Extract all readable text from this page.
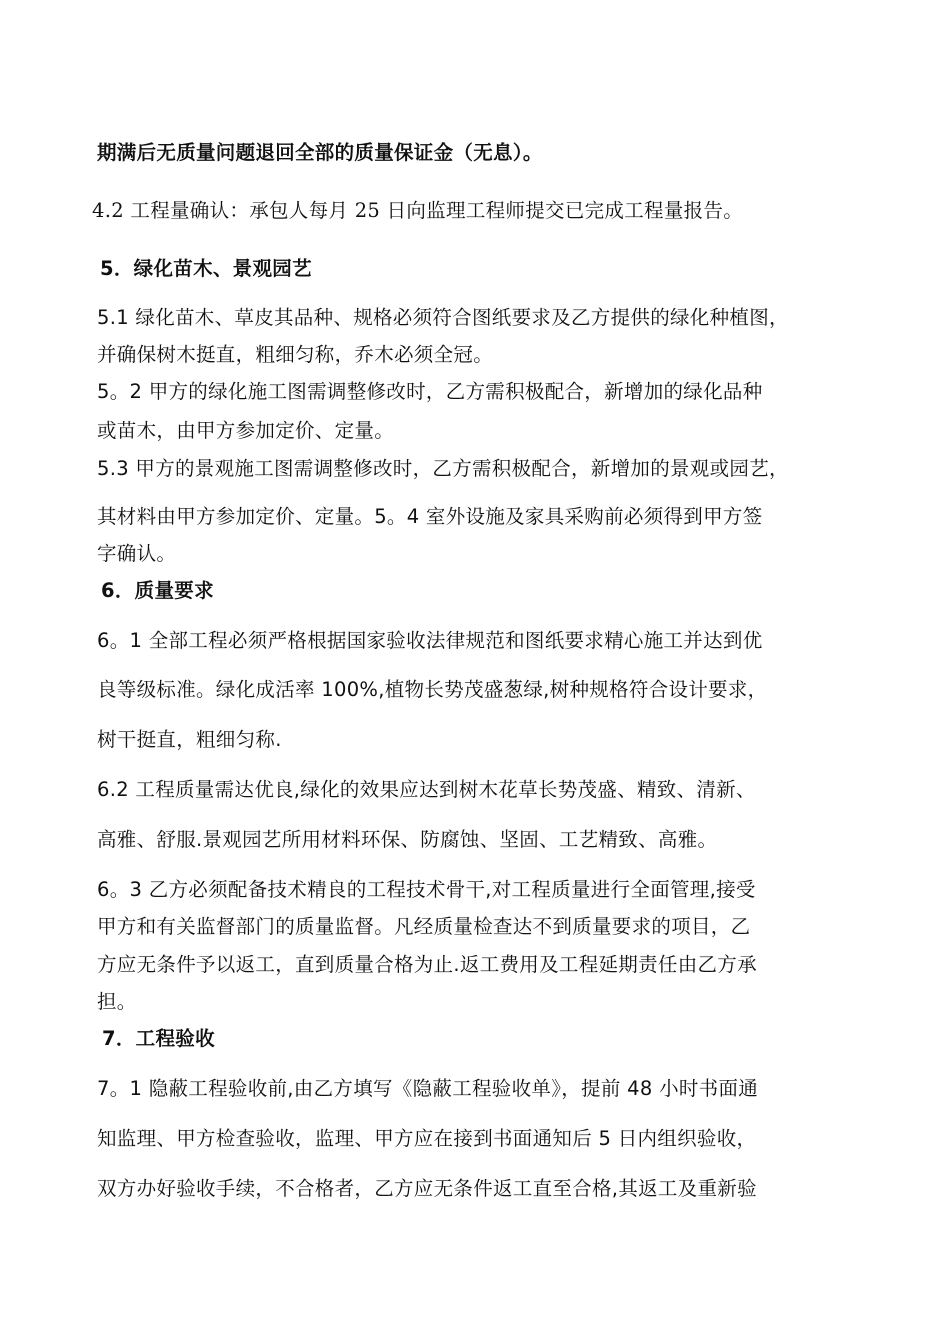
期满后无质量问题退回全部的质量保证金（无息）。
4.2 工程量确认：承包人每月 25 日向监理工程师提交已完成工程量报告。
5．绿化苗木、景观园艺
5.1 绿化苗木、草皮其品种、规格必须符合图纸要求及乙方提供的绿化种植图，
并确保树木挺直，粗细匀称，乔木必须全冠。
5。2 甲方的绿化施工图需调整修改时，乙方需积极配合，新增加的绿化品种
或苗木，由甲方参加定价、定量。
5.3 甲方的景观施工图需调整修改时，乙方需积极配合，新增加的景观或园艺，
其材料由甲方参加定价、定量。5。4 室外设施及家具采购前必须得到甲方签
字确认。
6．质量要求
6。1 全部工程必须严格根据国家验收法律规范和图纸要求精心施工并达到优
良等级标准。绿化成活率 100%,植物长势茂盛葱绿,树种规格符合设计要求，
树干挺直，粗细匀称.
6.2 工程质量需达优良,绿化的效果应达到树木花草长势茂盛、精致、清新、
高雅、舒服.景观园艺所用材料环保、防腐蚀、坚固、工艺精致、高雅。
6。3 乙方必须配备技术精良的工程技术骨干,对工程质量进行全面管理,接受
甲方和有关监督部门的质量监督。凡经质量检查达不到质量要求的项目，乙
方应无条件予以返工，直到质量合格为止.返工费用及工程延期责任由乙方承
担。
7．工程验收
7。1 隐蔽工程验收前,由乙方填写《隐蔽工程验收单》，提前 48 小时书面通
知监理、甲方检查验收，监理、甲方应在接到书面通知后 5 日内组织验收，
双方办好验收手续，不合格者，乙方应无条件返工直至合格,其返工及重新验
